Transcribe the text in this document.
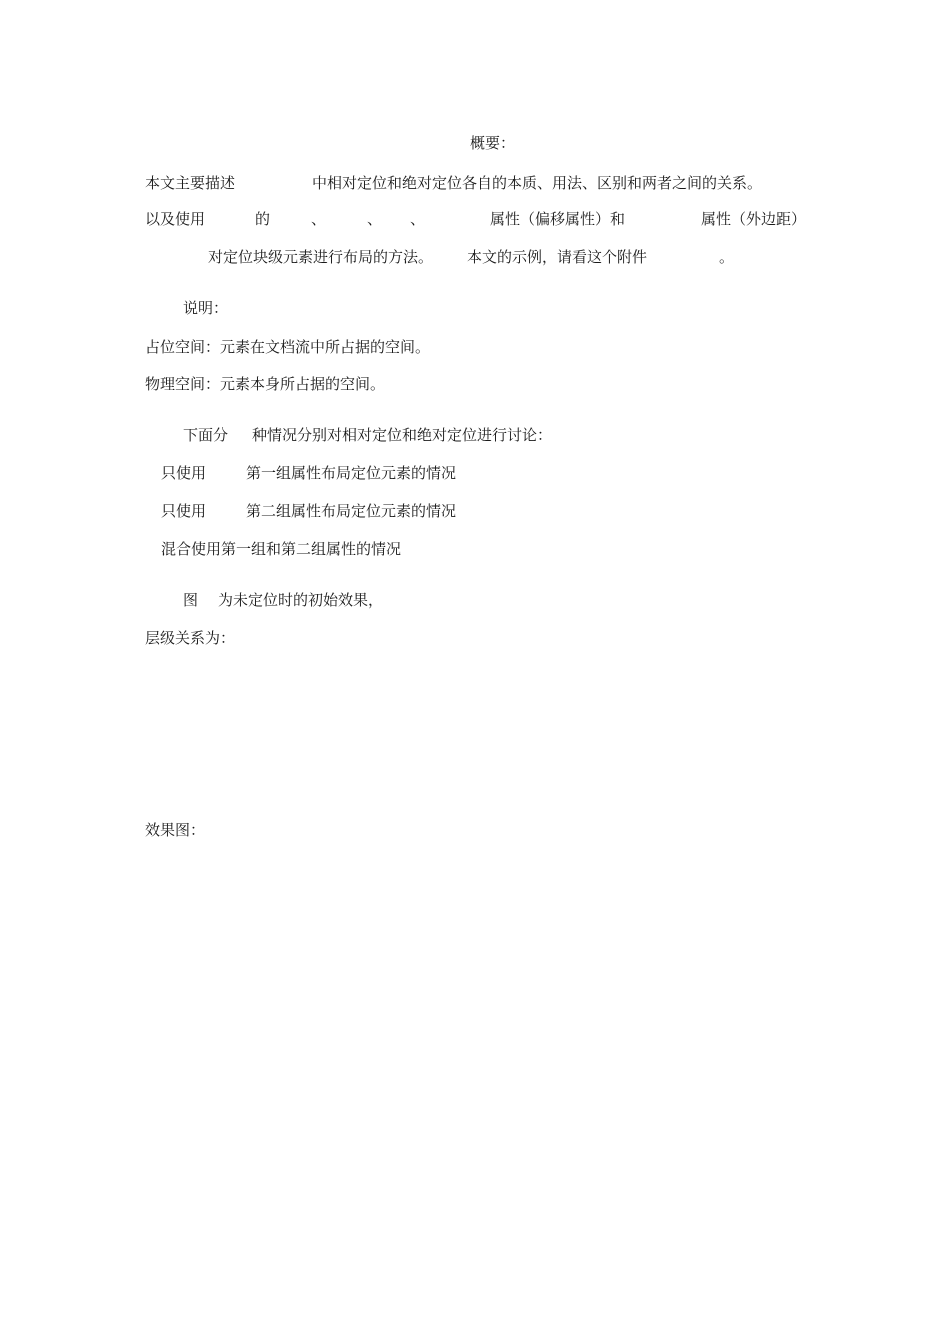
概要：
本文主要描述	中相对定位和绝对定位各自的本质、用法、区别和两者之间的关系。
以及使用	的	、	、 、	属性（偏移属性）和	属性（外边距）
对定位块级元素进行布局的方法。 本文的示例，请看这个附件	。
说明：
占位空间：元素在文档流中所占据的空间。
物理空间：元素本身所占据的空间。
下面分 种情况分别对相对定位和绝对定位进行讨论：
只使用	第一组属性布局定位元素的情况
只使用	第二组属性布局定位元素的情况
混合使用第一组和第二组属性的情况
图 为未定位时的初始效果，
层级关系为：
效果图：
